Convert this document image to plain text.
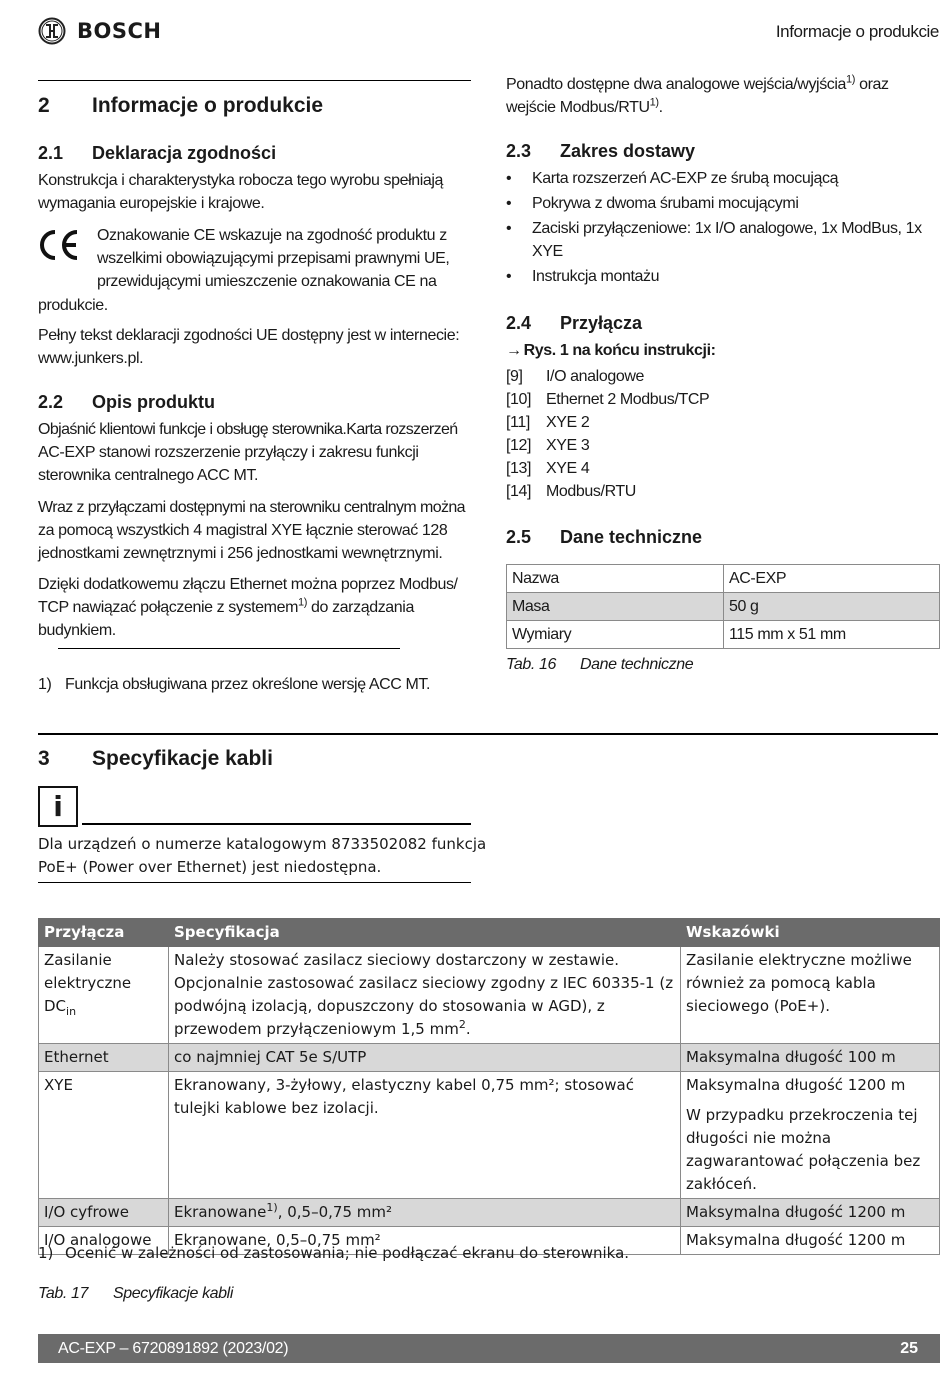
BOSCH	Informacje o produkcie
2 Informacje o produkcie
2.1 Deklaracja zgodności
Konstrukcja i charakterystyka robocza tego wyrobu spełniają wymagania europejskie i krajowe.
Oznakowanie CE wskazuje na zgodność produktu z
wszelkimi obowiązującymi przepisami prawnymi UE,
przewidującymi umieszczenie oznakowania CE na
produkcie.
Pełny tekst deklaracji zgodności UE dostępny jest w internecie:
www.junkers.pl.
2.2 Opis produktu
Objaśnić klientowi funkcje i obsługę sterownika.Karta rozszerzeń
AC-EXP stanowi rozszerzenie przyłączy i zakresu funkcji
sterownika centralnego ACC MT.
Wraz z przyłączami dostępnymi na sterowniku centralnym można
za pomocą wszystkich 4 magistral XYE łącznie sterować 128
jednostkami zewnętrznymi i 256 jednostkami wewnętrznymi.
Dzięki dodatkowemu złączu Ethernet można poprzez Modbus/
TCP nawiązać połączenie z systemem$^{1)}$ do zarządzania
budynkiem.
1) Funkcja obsługiwana przez określone wersję ACC MT.
Ponadto dostępne dwa analogowe wejścia/wyjścia$^{1)}$ oraz
wejście Modbus/RTU$^{1)}$.
2.3 Zakres dostawy
• Karta rozszerzeń AC-EXP ze śrubą mocującą
• Pokrywa z dwoma śrubami mocującymi
• Zaciski przyłączeniowe: 1x I/O analogowe, 1x ModBus, 1x XYE
• Instrukcja montażu
2.4 Przyłącza
→ Rys. 1 na końcu instrukcji:
[9] I/O analogowe
[10] Ethernet 2 Modbus/TCP
[11] XYE 2
[12] XYE 3
[13] XYE 4
[14] Modbus/RTU
2.5 Dane techniczne
Nazwa	AC-EXP
Masa	50 g
Wymiary	115 mm x 51 mm
Tab. 16 Dane techniczne
3 Specyfikacje kabli
i
Dla urządzeń o numerze katalogowym 8733502082 funkcja
PoE+ (Power over Ethernet) jest niedostępna.
Przyłącza	Specyfikacja	Wskazówki
Zasilanie elektryczne $DC_{in}$	Należy stosować zasilacz sieciowy dostarczony w zestawie. Opcjonalnie zastosować zasilacz sieciowy zgodny z IEC 60335-1 (z podwójną izolacją, dopuszczony do stosowania w AGD), z przewodem przyłączeniowym 1,5 $mm^2$.	Zasilanie elektryczne możliwe również za pomocą kabla sieciowego (PoE+).
Ethernet	co najmniej CAT 5e S/UTP	Maksymalna długość 100 m
XYE	Ekranowany, 3-żyłowy, elastyczny kabel 0,75 mm²; stosować tulejki kablowe bez izolacji.	Maksymalna długość 1200 m
W przypadku przekroczenia tej długości nie można zagwarantować połączenia bez zakłóceń.

I/O cyfrowe	Ekranowane$^{1)}$, 0,5–0,75 mm²	Maksymalna długość 1200 m
I/O analogowe	Ekranowane, 0,5–0,75 mm²	Maksymalna długość 1200 m
1) Ocenić w zależności od zastosowania; nie podłączać ekranu do sterownika.
Tab. 17 Specyfikacje kabli
AC-EXP – 6720891892 (2023/02)	25
